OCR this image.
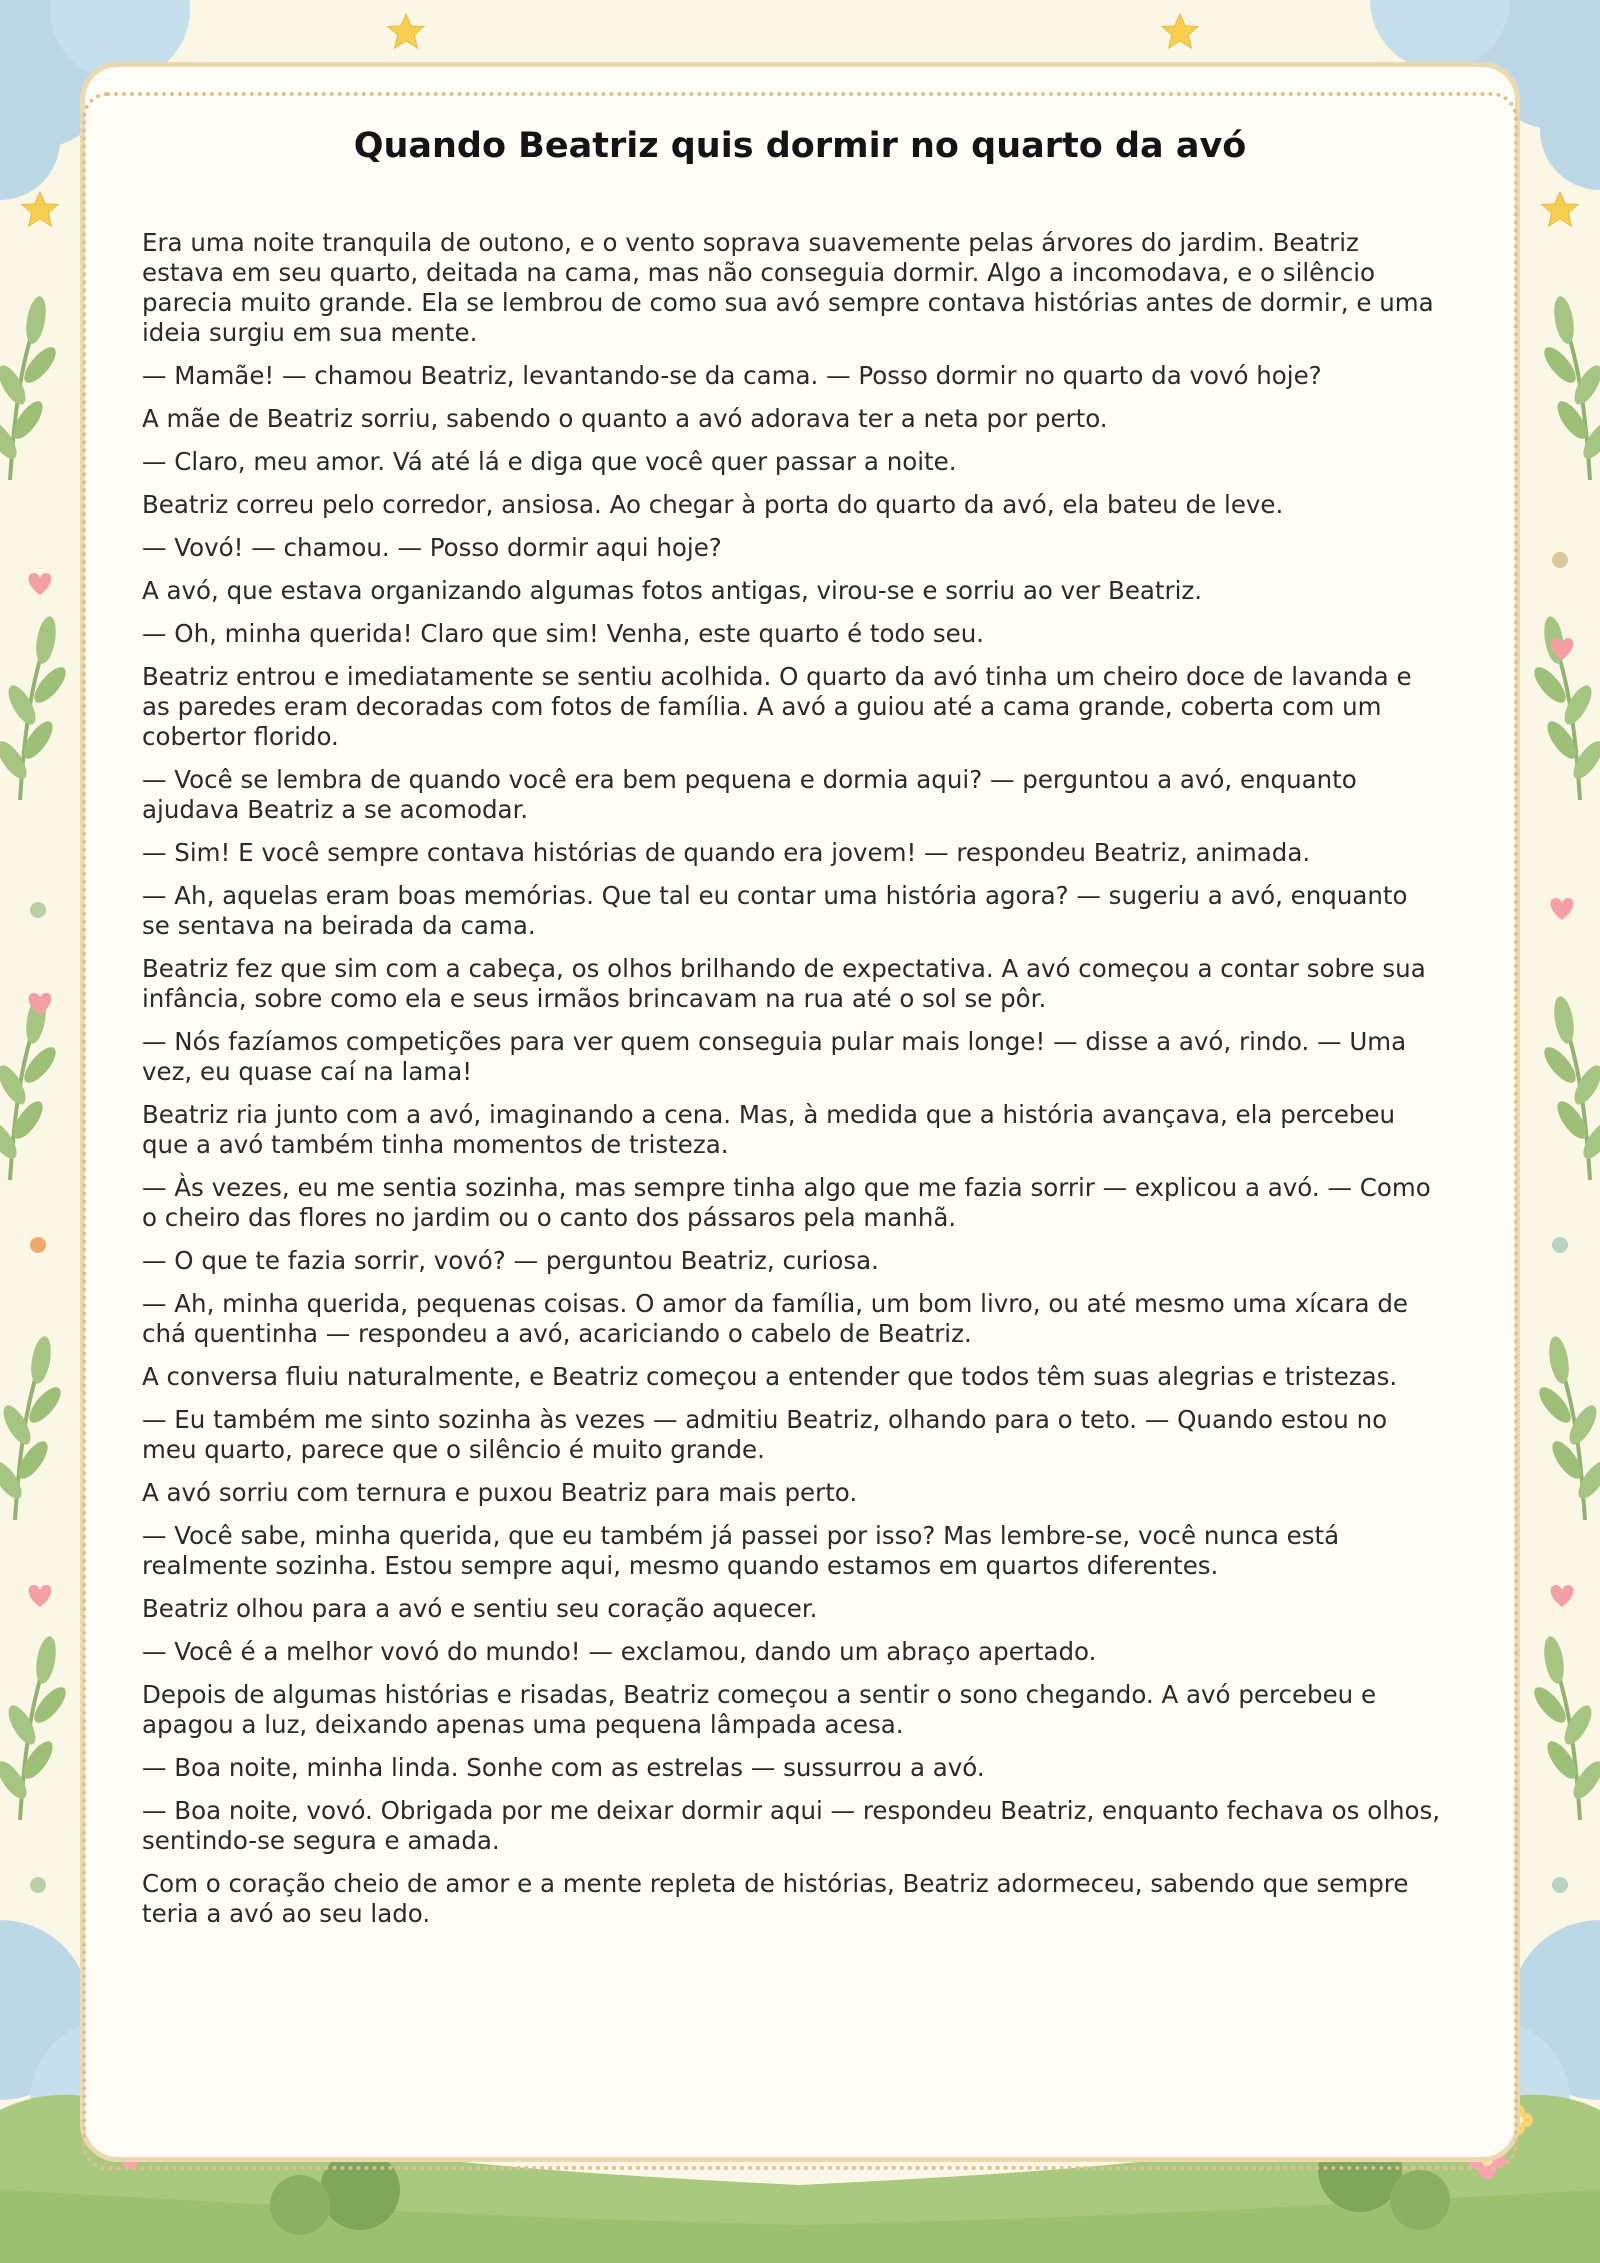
Quando Beatriz quis dormir no quarto da avó

Era uma noite tranquila de outono, e o vento soprava suavemente pelas árvores do jardim. Beatriz estava em seu quarto, deitada na cama, mas não conseguia dormir. Algo a incomodava, e o silêncio parecia muito grande. Ela se lembrou de como sua avó sempre contava histórias antes de dormir, e uma ideia surgiu em sua mente.

— Mamãe! — chamou Beatriz, levantando-se da cama. — Posso dormir no quarto da vovó hoje?

A mãe de Beatriz sorriu, sabendo o quanto a avó adorava ter a neta por perto.

— Claro, meu amor. Vá até lá e diga que você quer passar a noite.

Beatriz correu pelo corredor, ansiosa. Ao chegar à porta do quarto da avó, ela bateu de leve.

— Vovó! — chamou. — Posso dormir aqui hoje?

A avó, que estava organizando algumas fotos antigas, virou-se e sorriu ao ver Beatriz.

— Oh, minha querida! Claro que sim! Venha, este quarto é todo seu.

Beatriz entrou e imediatamente se sentiu acolhida. O quarto da avó tinha um cheiro doce de lavanda e as paredes eram decoradas com fotos de família. A avó a guiou até a cama grande, coberta com um cobertor florido.

— Você se lembra de quando você era bem pequena e dormia aqui? — perguntou a avó, enquanto ajudava Beatriz a se acomodar.

— Sim! E você sempre contava histórias de quando era jovem! — respondeu Beatriz, animada.

— Ah, aquelas eram boas memórias. Que tal eu contar uma história agora? — sugeriu a avó, enquanto se sentava na beirada da cama.

Beatriz fez que sim com a cabeça, os olhos brilhando de expectativa. A avó começou a contar sobre sua infância, sobre como ela e seus irmãos brincavam na rua até o sol se pôr.

— Nós fazíamos competições para ver quem conseguia pular mais longe! — disse a avó, rindo. — Uma vez, eu quase caí na lama!

Beatriz ria junto com a avó, imaginando a cena. Mas, à medida que a história avançava, ela percebeu que a avó também tinha momentos de tristeza.

— Às vezes, eu me sentia sozinha, mas sempre tinha algo que me fazia sorrir — explicou a avó. — Como o cheiro das flores no jardim ou o canto dos pássaros pela manhã.

— O que te fazia sorrir, vovó? — perguntou Beatriz, curiosa.

— Ah, minha querida, pequenas coisas. O amor da família, um bom livro, ou até mesmo uma xícara de chá quentinha — respondeu a avó, acariciando o cabelo de Beatriz.

A conversa fluiu naturalmente, e Beatriz começou a entender que todos têm suas alegrias e tristezas.

— Eu também me sinto sozinha às vezes — admitiu Beatriz, olhando para o teto. — Quando estou no meu quarto, parece que o silêncio é muito grande.

A avó sorriu com ternura e puxou Beatriz para mais perto.

— Você sabe, minha querida, que eu também já passei por isso? Mas lembre-se, você nunca está realmente sozinha. Estou sempre aqui, mesmo quando estamos em quartos diferentes.

Beatriz olhou para a avó e sentiu seu coração aquecer.

— Você é a melhor vovó do mundo! — exclamou, dando um abraço apertado.

Depois de algumas histórias e risadas, Beatriz começou a sentir o sono chegando. A avó percebeu e apagou a luz, deixando apenas uma pequena lâmpada acesa.

— Boa noite, minha linda. Sonhe com as estrelas — sussurrou a avó.

— Boa noite, vovó. Obrigada por me deixar dormir aqui — respondeu Beatriz, enquanto fechava os olhos, sentindo-se segura e amada.

Com o coração cheio de amor e a mente repleta de histórias, Beatriz adormeceu, sabendo que sempre teria a avó ao seu lado.
